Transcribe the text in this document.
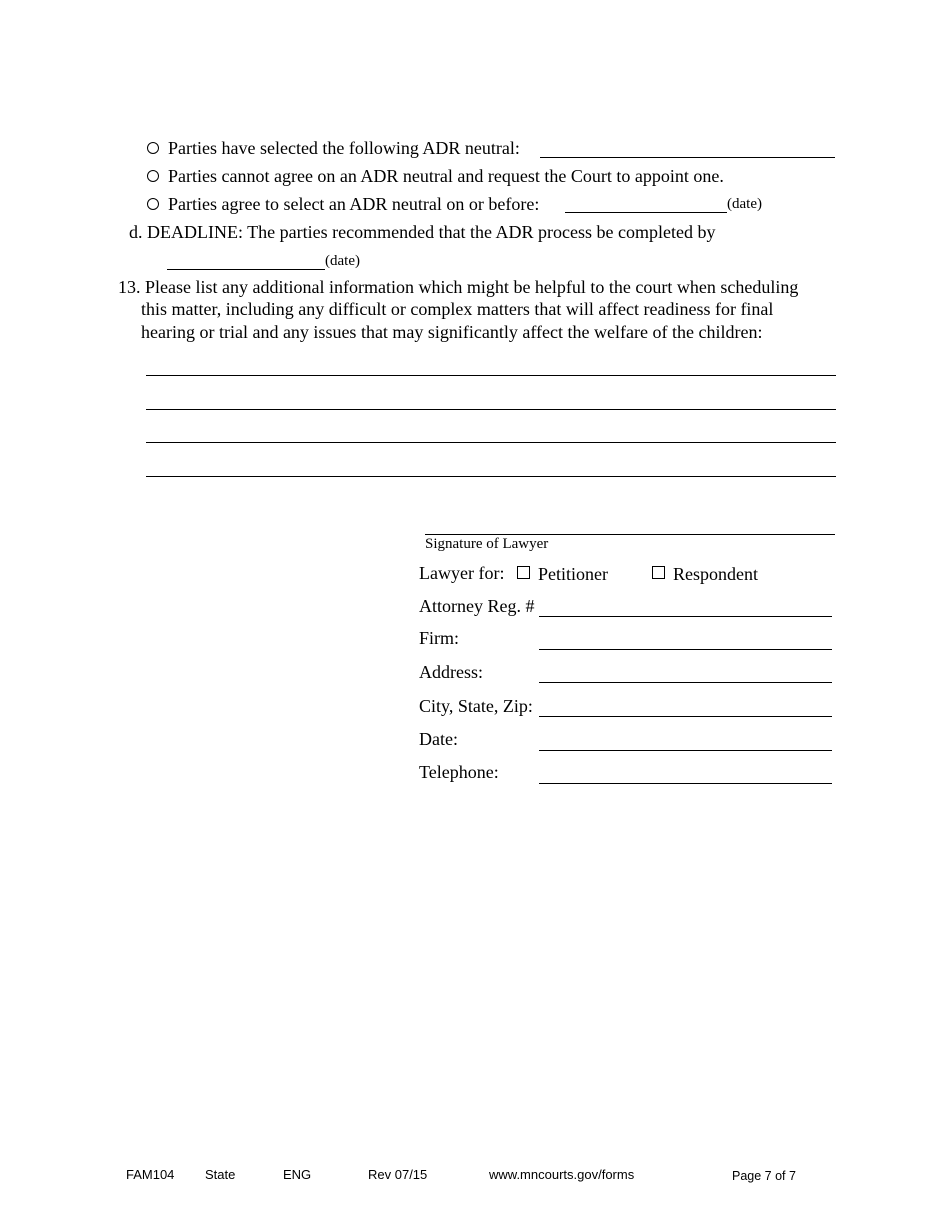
Parties have selected the following ADR neutral:
Parties cannot agree on an ADR neutral and request the Court to appoint one.
Parties agree to select an ADR neutral on or before:	(date)
d. DEADLINE: The parties recommended that the ADR process be completed by
(date)
13. Please list any additional information which might be helpful to the court when scheduling
this matter, including any difficult or complex matters that will affect readiness for final
hearing or trial and any issues that may significantly affect the welfare of the children:
Signature of Lawyer
Lawyer for: Petitioner	Respondent
Attorney Reg. #
Firm:
Address:
City, State, Zip:
Date:
Telephone:
FAM104 State	ENG	Rev 07/15	www.mncourts.gov/forms	Page 7 of 7
